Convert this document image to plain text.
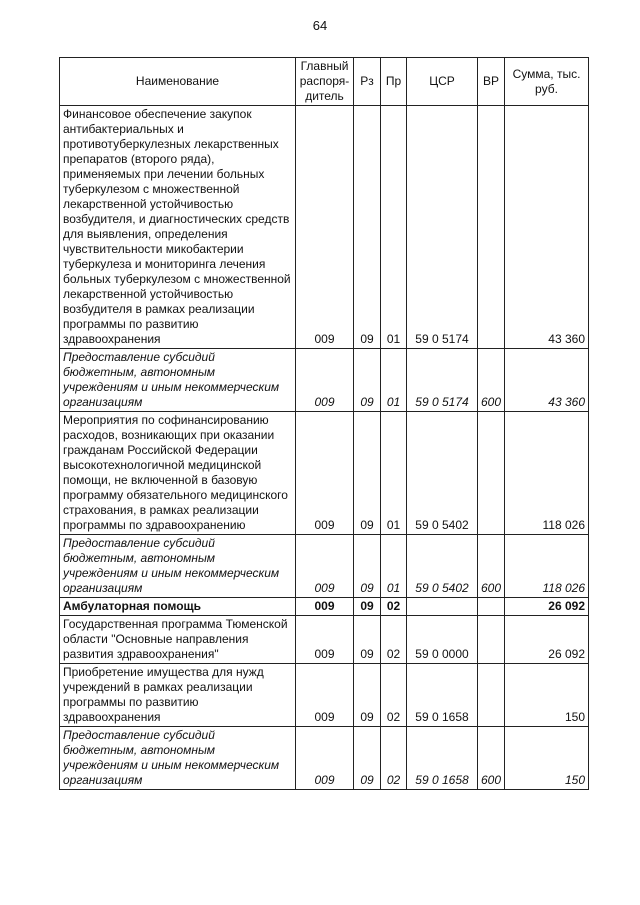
64
Наименование	Главный распоря-дитель	Рз	Пр	ЦСР	ВР	Сумма, тыс. руб.
Финансовое обеспечение закупок антибактериальных и противотуберкулезных лекарственных препаратов (второго ряда), применяемых при лечении больных туберкулезом с множественной лекарственной устойчивостью возбудителя, и диагностических средств для выявления, определения чувствительности микобактерии туберкулеза и мониторинга лечения больных туберкулезом с множественной лекарственной устойчивостью возбудителя в рамках реализации программы по развитию здравоохранения	009	09	01	59 0 5174		43 360
Предоставление субсидий бюджетным, автономным учреждениям и иным некоммерческим организациям	009	09	01	59 0 5174	600	43 360
Мероприятия по софинансированию расходов, возникающих при оказании гражданам Российской Федерации высокотехнологичной медицинской помощи, не включенной в базовую программу обязательного медицинского страхования, в рамках реализации программы по здравоохранению	009	09	01	59 0 5402		118 026
Предоставление субсидий бюджетным, автономным учреждениям и иным некоммерческим организациям	009	09	01	59 0 5402	600	118 026
Амбулаторная помощь	009	09	02			26 092
Государственная программа Тюменской области "Основные направления развития здравоохранения"	009	09	02	59 0 0000		26 092
Приобретение имущества для нужд учреждений в рамках реализации программы по развитию здравоохранения	009	09	02	59 0 1658		150
Предоставление субсидий бюджетным, автономным учреждениям и иным некоммерческим организациям	009	09	02	59 0 1658	600	150
